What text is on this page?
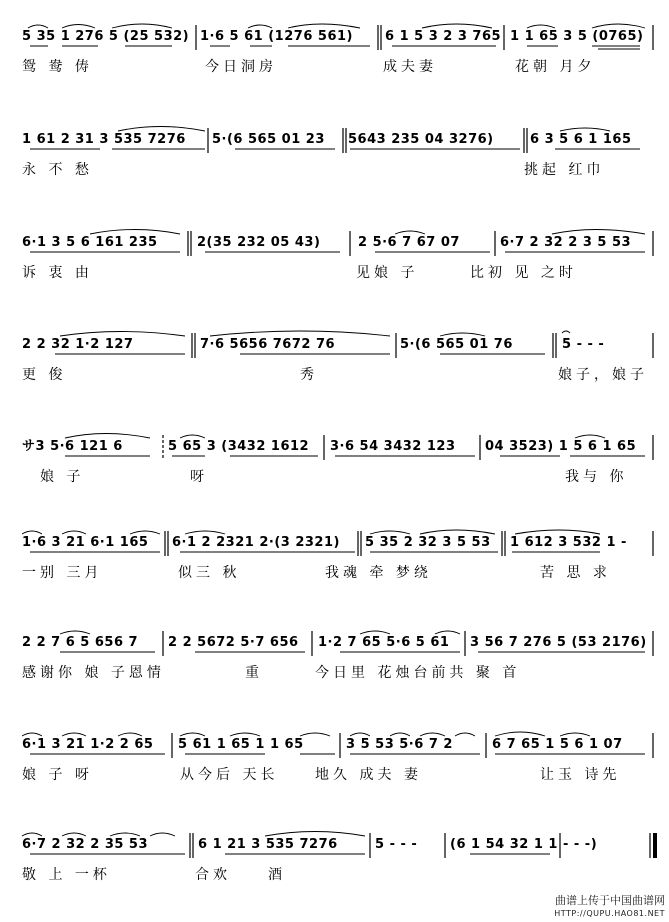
5 35 1 276 5 (25 532) 1·6 5 61 (1276 561) 6 1 5 3 2 3 765 1 1 65 3 5 (0765)
鸳 鸯 俦	今日洞房	成夫妻	花朝 月夕
1 61 2 31 3 535 7276 5·(6 565 01 23 5643 235 04 3276)	6 3 5 6 1 165
永 不 愁	挑起 红巾
6·1 3 5 6 161 235	2(35 232 05 43)	2 5·6 7 67 07	6·7 2 32 2 3 5 53
诉 衷 由	见娘 子	比初 见 之时
2 2 32 1·2 127	7·6 5656 7672 76	5·(6 565 01 76	5 - - -
更 俊	秀	娘子，娘子
サ3 5·6 121 6	5 65 3 (3432 1612 3·6 54 3432 123 04 3523) 1 5 6 1 65
娘 子	呀	我与 你
1·6 3 21 6·1 165 6·1 2 2321 2·(3 2321) 5 35 2 32 3 5 53 1 612 3 532 1 -
一别 三月	似三 秋	我魂 牵 梦绕	苦 思 求
2 2 7 6 5 656 7 2 2 5672 5·7 656 1·2 7 65 5·6 5 61 3 56 7 276 5 (53 2176)
感谢你 娘 子恩情	重	今日里 花烛台前共 聚 首
6·1 3 21 1·2 2 65 5 61 1 65 1 1 65	3 5 53 5·6 7 2	6 7 65 1 5 6 1 07
娘 子 呀	从今后 天长	地久 成夫 妻	让玉 诗先
6·7 2 32 2 35 53	6 1 21 3 535 7276	5 - - -	(6 1 54 32 1 1 - - -)
敬 上 一杯	合欢	酒
曲谱上传于中国曲谱网
HTTP://QUPU.HAO81.NET
